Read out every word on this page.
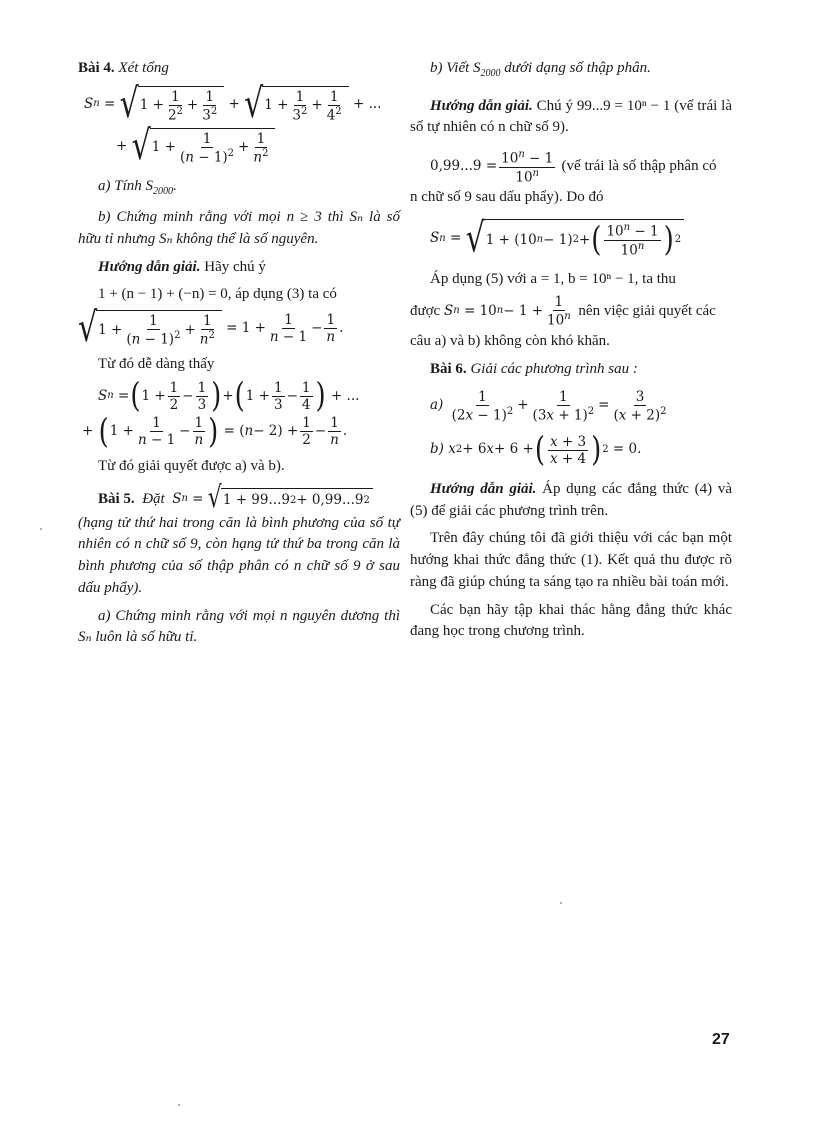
Bài 4. Xét tổng

S n = √ $1 + \frac{1}{2^2} + \frac{1}{3^2}$ + √ $1 + \frac{1}{3^2} + \frac{1}{4^2}$ + ...
+ √ $1 + \frac{1}{(n - 1)^2} + \frac{1}{n^2}$

a) Tính $S_{2000}$.

b) Chứng minh rằng với mọi n ≥ 3 thì Sₙ là số hữu tỉ nhưng Sₙ không thể là số nguyên.

Hướng dẫn giải. Hãy chú ý

1 + (n − 1) + (−n) = 0, áp dụng (3) ta có

√ $1 + \frac{1}{(n - 1)^2} + \frac{1}{n^2} = 1 + \frac{1}{n - 1} - \frac{1}{n}$ .

Từ đó dễ dàng thấy

S n = ( $1 + \frac{1}{2} - \frac{1}{3}$ ) + ( $1 + \frac{1}{3} - \frac{1}{4}$ ) + ...
+ ( $1 + \frac{1}{n - 1} - \frac{1}{n}$ ) = ( $n - 2) + \frac{1}{2} - \frac{1}{n}$ .

Từ đó giải quyết được a) và b).

Bài 5.
Đặt
S n = √ 1 + 99...9 2 + 0,99...9 2

(hạng tử thứ hai trong căn là bình phương của số tự nhiên có n chữ số 9, còn hạng tử thứ ba trong căn là bình phương của số thập phân có n chữ số 9 ở sau dấu phẩy).

a) Chứng minh rằng với mọi n nguyên dương thì Sₙ luôn là số hữu tỉ.

b) Viết $S_{2000}$ dưới dạng số thập phân.

Hướng dẫn giải. Chú ý 99...9 = 10ⁿ − 1 (vế trái là số tự nhiên có n chữ số 9).

$0,99...9 = \frac{10^n - 1}{10^n}$
(vế trái là số thập phân có

n chữ số 9 sau dấu phẩy). Do đó

S n = √ 1 + (10 n − 1) 2 + ( $\frac{10^n - 1}{10^n}$ ) 2

Áp dụng (5) với a = 1, b = 10ⁿ − 1, ta thu

được
S n = 10 $n - 1 + \frac{1}{10^n}$
nên việc giải quyết các

câu a) và b) không còn khó khăn.

Bài 6. Giải các phương trình sau :

a)
$\frac{1}{(2x - 1)^2} + \frac{1}{(3x + 1)^2} = \frac{3}{(x + 2)^2}$
b)
x 2 + 6 x + 6 + ( $\frac{x + 3}{x + 4}$ ) 2 = 0.

Hướng dẫn giải. Áp dụng các đẳng thức (4) và (5) để giải các phương trình trên.

Trên đây chúng tôi đã giới thiệu với các bạn một hướng khai thức đẳng thức (1). Kết quả thu được rõ ràng đã giúp chúng ta sáng tạo ra nhiều bài toán mới.

Các bạn hãy tập khai thác hằng đẳng thức khác đang học trong chương trình.

27
